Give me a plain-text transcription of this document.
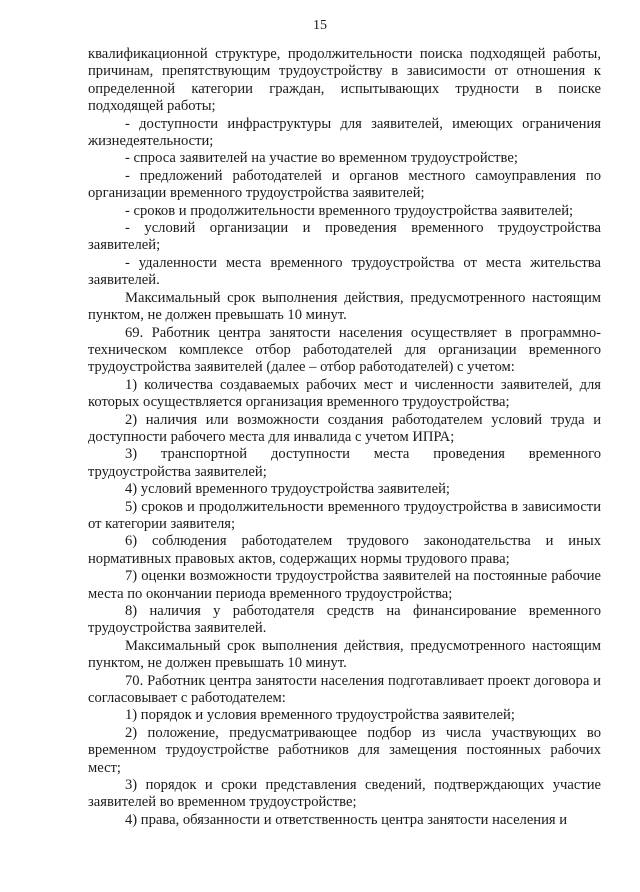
15

квалификационной структуре, продолжительности поиска подходящей работы, причинам, препятствующим трудоустройству в зависимости от отношения к определенной категории граждан, испытывающих трудности в поиске подходящей работы;

- доступности инфраструктуры для заявителей, имеющих ограничения жизнедеятельности;

- спроса заявителей на участие во временном трудоустройстве;

- предложений работодателей и органов местного самоуправления по организации временного трудоустройства заявителей;

- сроков и продолжительности временного трудоустройства заявителей;

- условий организации и проведения временного трудоустройства заявителей;

- удаленности места временного трудоустройства от места жительства заявителей.

Максимальный срок выполнения действия, предусмотренного настоящим пунктом, не должен превышать 10 минут.

69. Работник центра занятости населения осуществляет в программно-техническом комплексе отбор работодателей для организации временного трудоустройства заявителей (далее – отбор работодателей) с учетом:

1) количества создаваемых рабочих мест и численности заявителей, для которых осуществляется организация временного трудоустройства;

2) наличия или возможности создания работодателем условий труда и доступности рабочего места для инвалида с учетом ИПРА;

3) транспортной доступности места проведения временного трудоустройства заявителей;

4) условий временного трудоустройства заявителей;

5) сроков и продолжительности временного трудоустройства в зависимости от категории заявителя;

6) соблюдения работодателем трудового законодательства и иных нормативных правовых актов, содержащих нормы трудового права;

7) оценки возможности трудоустройства заявителей на постоянные рабочие места по окончании периода временного трудоустройства;

8) наличия у работодателя средств на финансирование временного трудоустройства заявителей.

Максимальный срок выполнения действия, предусмотренного настоящим пунктом, не должен превышать 10 минут.

70. Работник центра занятости населения подготавливает проект договора и согласовывает с работодателем:

1) порядок и условия временного трудоустройства заявителей;

2) положение, предусматривающее подбор из числа участвующих во временном трудоустройстве работников для замещения постоянных рабочих мест;

3) порядок и сроки представления сведений, подтверждающих участие заявителей во временном трудоустройстве;

4) права, обязанности и ответственность центра занятости населения и
